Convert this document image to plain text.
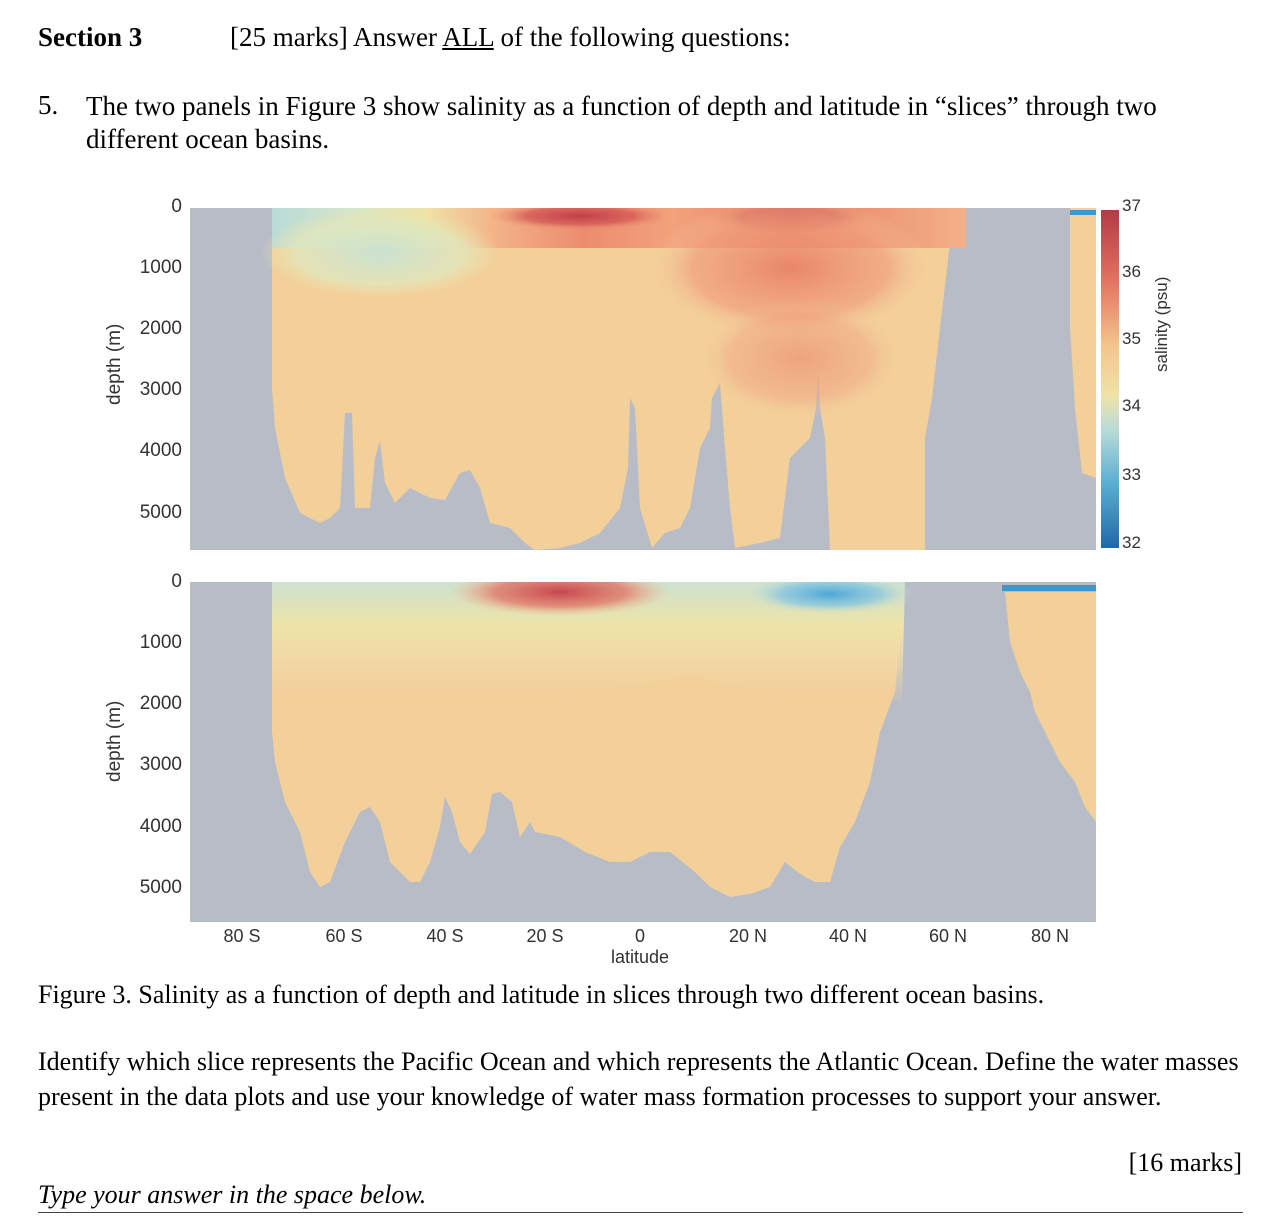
Section 3	[25 marks] Answer ALL of the following questions:
5. The two panels in Figure 3 show salinity as a function of depth and latitude in “slices” through two different ocean basins.
0
1000
2000
3000
4000
5000
depth (m)
0
1000
2000
3000
4000
5000
depth (m)
80 S	60 S	40 S	20 S	0	20 N	40 N	60 N	80 N
latitude
37
36
35
34
33
32
salinity (psu)
Figure 3. Salinity as a function of depth and latitude in slices through two different ocean basins.
Identify which slice represents the Pacific Ocean and which represents the Atlantic Ocean. Define the water masses present in the data plots and use your knowledge of water mass formation processes to support your answer.
[16 marks]
Type your answer in the space below.
